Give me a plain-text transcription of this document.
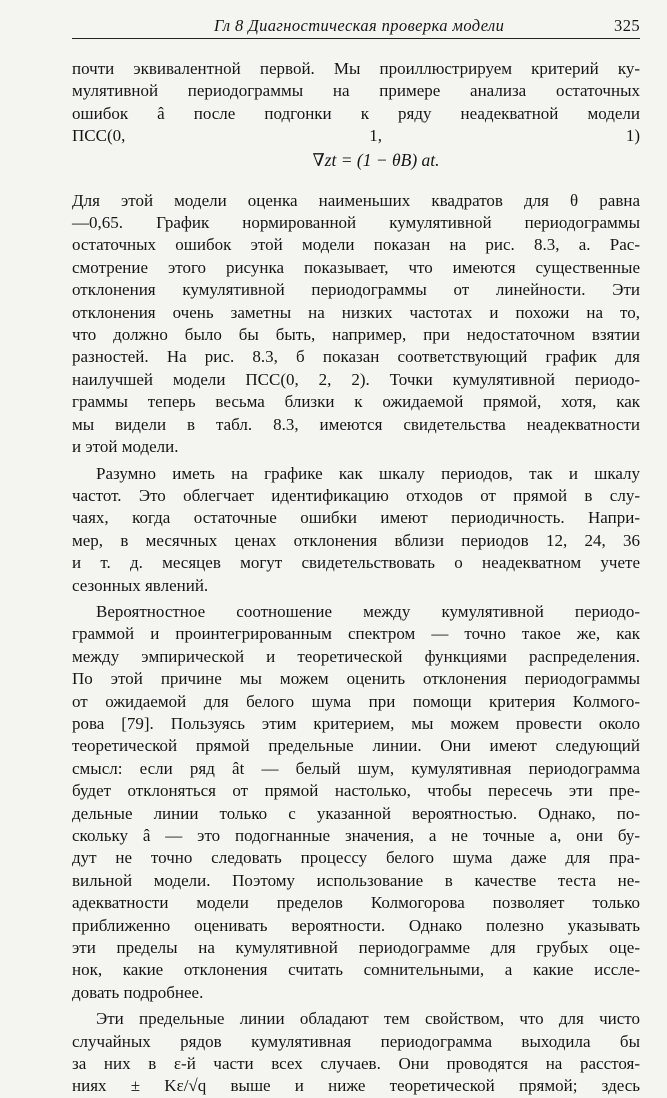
Гл 8 Диагностическая проверка модели	325
почти эквивалентной первой. Мы проиллюстрируем критерий ку-
мулятивной периодограммы на примере анализа остаточных
ошибок â после подгонки к ряду неадекватной модели
ПСС(0, 1, 1)
∇zt = (1 − θB) at.
Для этой модели оценка наименьших квадратов для θ равна
—0,65. График нормированной кумулятивной периодограммы
остаточных ошибок этой модели показан на рис. 8.3, a. Рас-
смотрение этого рисунка показывает, что имеются существенные
отклонения кумулятивной периодограммы от линейности. Эти
отклонения очень заметны на низких частотах и похожи на то,
что должно было бы быть, например, при недостаточном взятии
разностей. На рис. 8.3, б показан соответствующий график для
наилучшей модели ПСС(0, 2, 2). Точки кумулятивной периодо-
граммы теперь весьма близки к ожидаемой прямой, хотя, как
мы видели в табл. 8.3, имеются свидетельства неадекватности
и этой модели.
Разумно иметь на графике как шкалу периодов, так и шкалу
частот. Это облегчает идентификацию отходов от прямой в слу-
чаях, когда остаточные ошибки имеют периодичность. Напри-
мер, в месячных ценах отклонения вблизи периодов 12, 24, 36
и т. д. месяцев могут свидетельствовать о неадекватном учете
сезонных явлений.
Вероятностное соотношение между кумулятивной периодо-
граммой и проинтегрированным спектром — точно такое же, как
между эмпирической и теоретической функциями распределения.
По этой причине мы можем оценить отклонения периодограммы
от ожидаемой для белого шума при помощи критерия Колмого-
рова [79]. Пользуясь этим критерием, мы можем провести около
теоретической прямой предельные линии. Они имеют следующий
смысл: если ряд ât — белый шум, кумулятивная периодограмма
будет отклоняться от прямой настолько, чтобы пересечь эти пре-
дельные линии только с указанной вероятностью. Однако, по-
скольку â — это подогнанные значения, а не точные a, они бу-
дут не точно следовать процессу белого шума даже для пра-
вильной модели. Поэтому использование в качестве теста не-
адекватности модели пределов Колмогорова позволяет только
приближенно оценивать вероятности. Однако полезно указывать
эти пределы на кумулятивной периодограмме для грубых оце-
нок, какие отклонения считать сомнительными, а какие иссле-
довать подробнее.
Эти предельные линии обладают тем свойством, что для чисто
случайных рядов кумулятивная периодограмма выходила бы
за них в ε-й части всех случаев. Они проводятся на расстоя-
ниях ± Kε/√q выше и ниже теоретической прямой; здесь
